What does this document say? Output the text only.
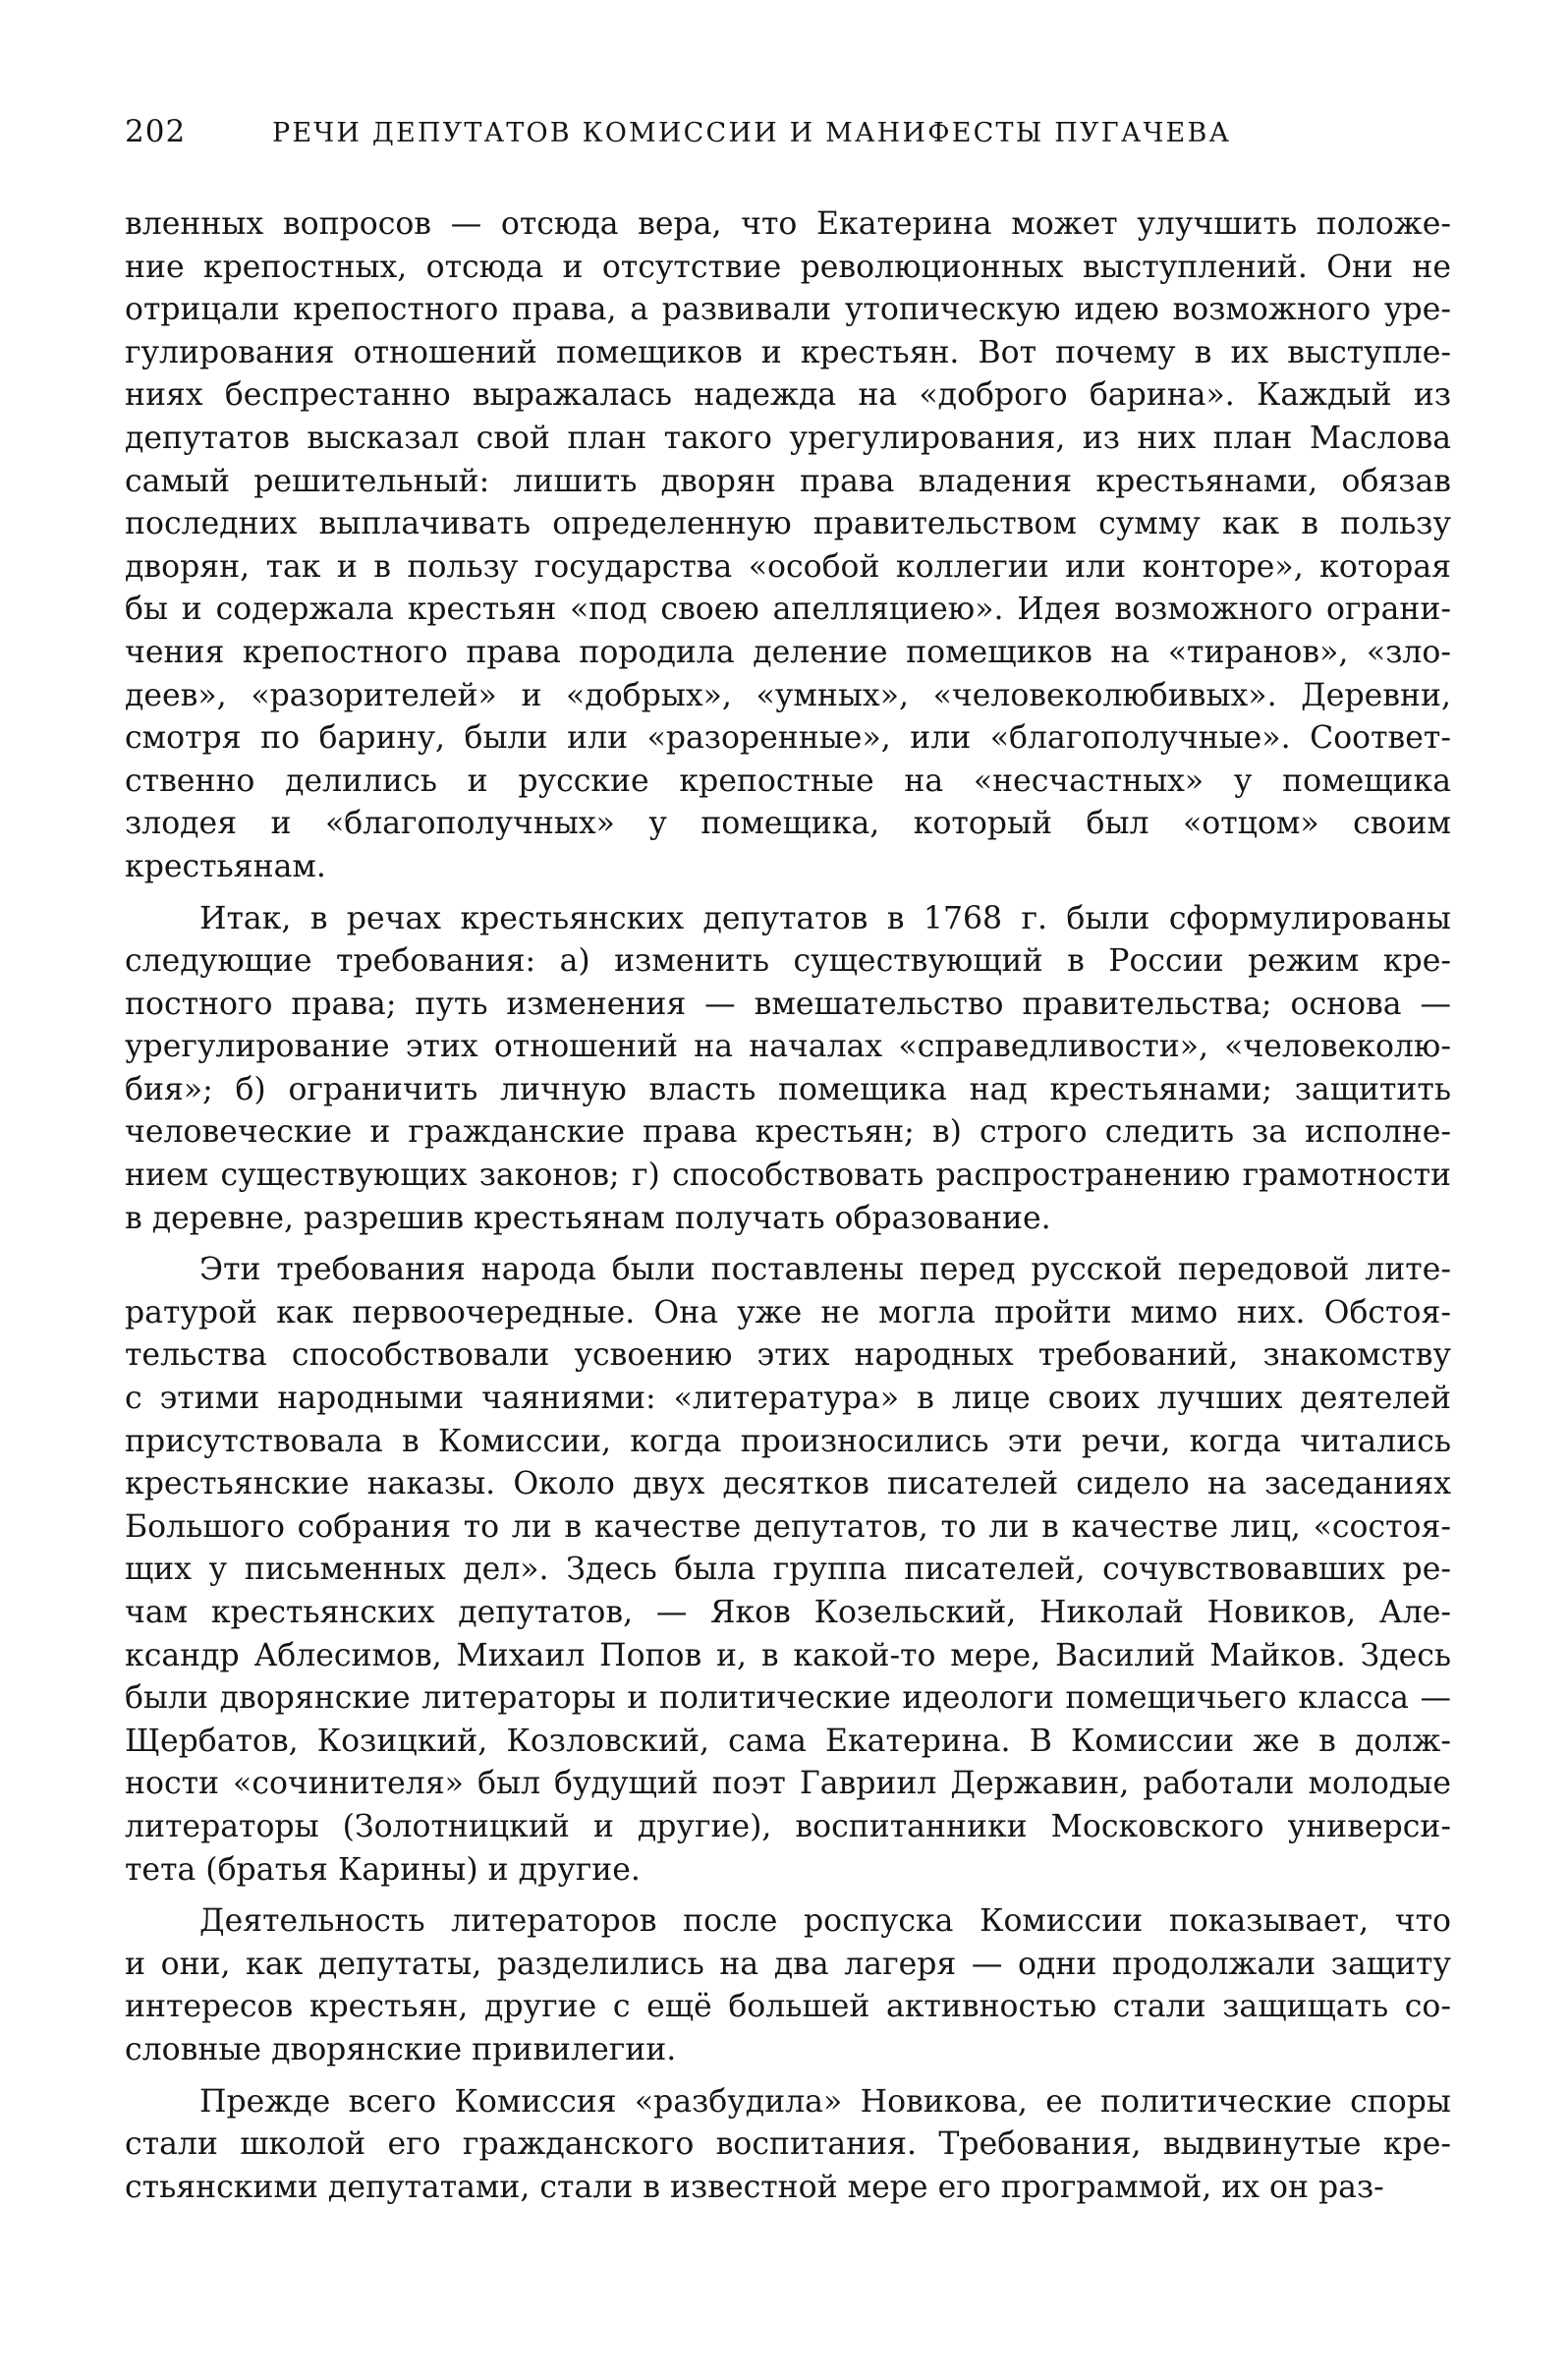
202	РЕЧИ ДЕПУТАТОВ КОМИССИИ И МАНИФЕСТЫ ПУГАЧЕВА
вленных вопросов — отсюда вера, что Екатерина может улучшить положе-
ние крепостных, отсюда и отсутствие революционных выступлений. Они не
отрицали крепостного права, а развивали утопическую идею возможного уре-
гулирования отношений помещиков и крестьян. Вот почему в их выступле-
ниях беспрестанно выражалась надежда на «доброго барина». Каждый из
депутатов высказал свой план такого урегулирования, из них план Маслова
самый решительный: лишить дворян права владения крестьянами, обязав
последних выплачивать определенную правительством сумму как в пользу
дворян, так и в пользу государства «особой коллегии или конторе», которая
бы и содержала крестьян «под своею апелляциею». Идея возможного ограни-
чения крепостного права породила деление помещиков на «тиранов», «зло-
деев», «разорителей» и «добрых», «умных», «человеколюбивых». Деревни,
смотря по барину, были или «разоренные», или «благополучные». Соответ-
ственно делились и русские крепостные на «несчастных» у помещика
злодея и «благополучных» у помещика, который был «отцом» своим
крестьянам.
Итак, в речах крестьянских депутатов в 1768 г. были сформулированы
следующие требования: а) изменить существующий в России режим кре-
постного права; путь изменения — вмешательство правительства; основа —
урегулирование этих отношений на началах «справедливости», «человеколю-
бия»; б) ограничить личную власть помещика над крестьянами; защитить
человеческие и гражданские права крестьян; в) строго следить за исполне-
нием существующих законов; г) способствовать распространению грамотности
в деревне, разрешив крестьянам получать образование.
Эти требования народа были поставлены перед русской передовой лите-
ратурой как первоочередные. Она уже не могла пройти мимо них. Обстоя-
тельства способствовали усвоению этих народных требований, знакомству
с этими народными чаяниями: «литература» в лице своих лучших деятелей
присутствовала в Комиссии, когда произносились эти речи, когда читались
крестьянские наказы. Около двух десятков писателей сидело на заседаниях
Большого собрания то ли в качестве депутатов, то ли в качестве лиц, «состоя-
щих у письменных дел». Здесь была группа писателей, сочувствовавших ре-
чам крестьянских депутатов, — Яков Козельский, Николай Новиков, Але-
ксандр Аблесимов, Михаил Попов и, в какой-то мере, Василий Майков. Здесь
были дворянские литераторы и политические идеологи помещичьего класса —
Щербатов, Козицкий, Козловский, сама Екатерина. В Комиссии же в долж-
ности «сочинителя» был будущий поэт Гавриил Державин, работали молодые
литераторы (Золотницкий и другие), воспитанники Московского универси-
тета (братья Карины) и другие.
Деятельность литераторов после роспуска Комиссии показывает, что
и они, как депутаты, разделились на два лагеря — одни продолжали защиту
интересов крестьян, другие с ещё большей активностью стали защищать со-
словные дворянские привилегии.
Прежде всего Комиссия «разбудила» Новикова, ее политические споры
стали школой его гражданского воспитания. Требования, выдвинутые кре-
стьянскими депутатами, стали в известной мере его программой, их он раз-
